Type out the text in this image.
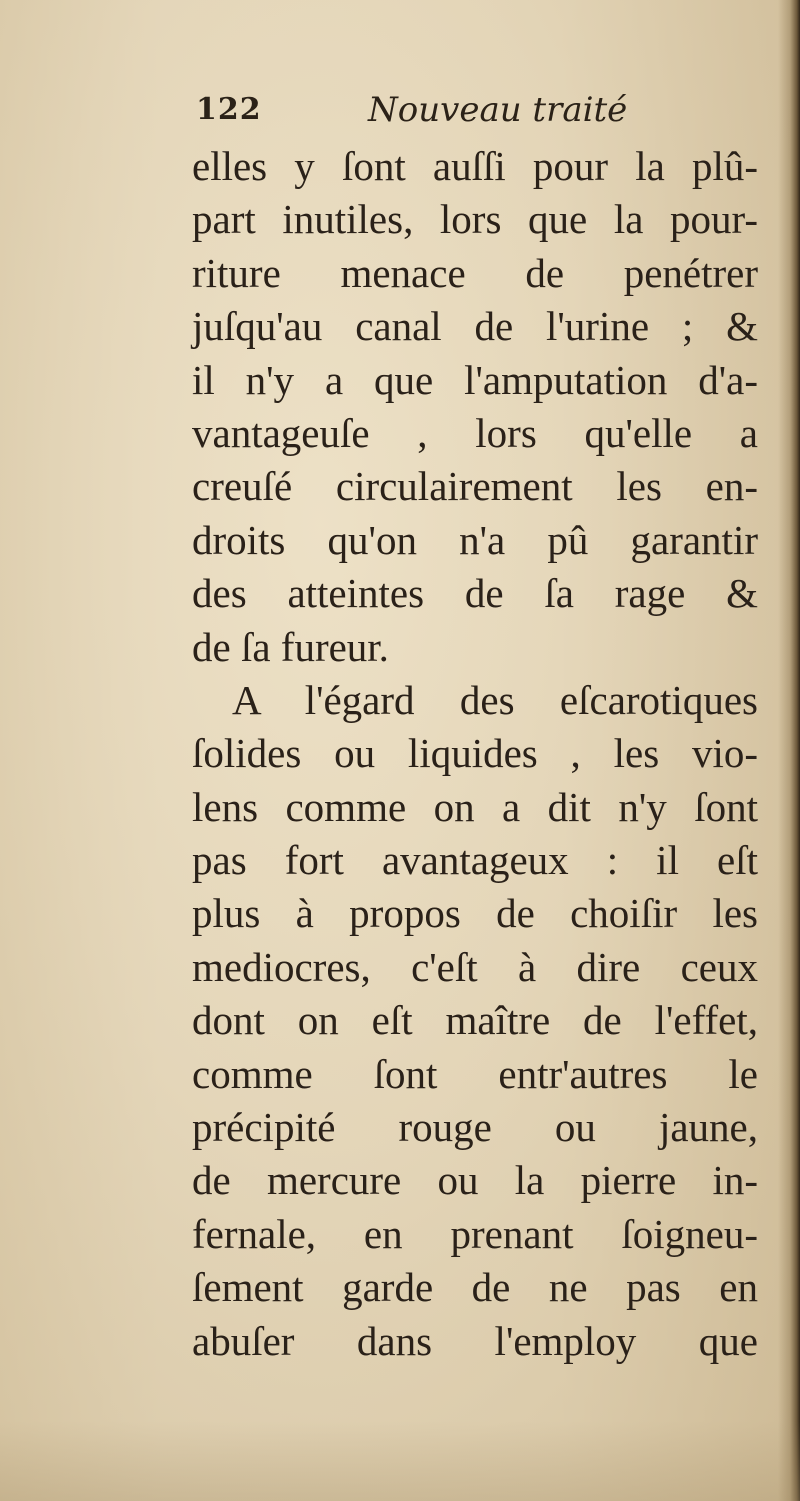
122	Nouveau traité
elles y ſont auſſi pour la plû-
part inutiles, lors que la pour-
riture menace de penétrer
juſqu'au canal de l'urine ; &
il n'y a que l'amputation d'a-
vantageuſe , lors qu'elle a
creuſé circulairement les en-
droits qu'on n'a pû garantir
des atteintes de ſa rage &
de ſa fureur.
A l'égard des eſcarotiques
ſolides ou liquides , les vio-
lens comme on a dit n'y ſont
pas fort avantageux : il eſt
plus à propos de choiſir les
mediocres, c'eſt à dire ceux
dont on eſt maître de l'effet,
comme ſont entr'autres le
précipité rouge ou jaune,
de mercure ou la pierre in-
fernale, en prenant ſoigneu-
ſement garde de ne pas en
abuſer dans l'employ que
